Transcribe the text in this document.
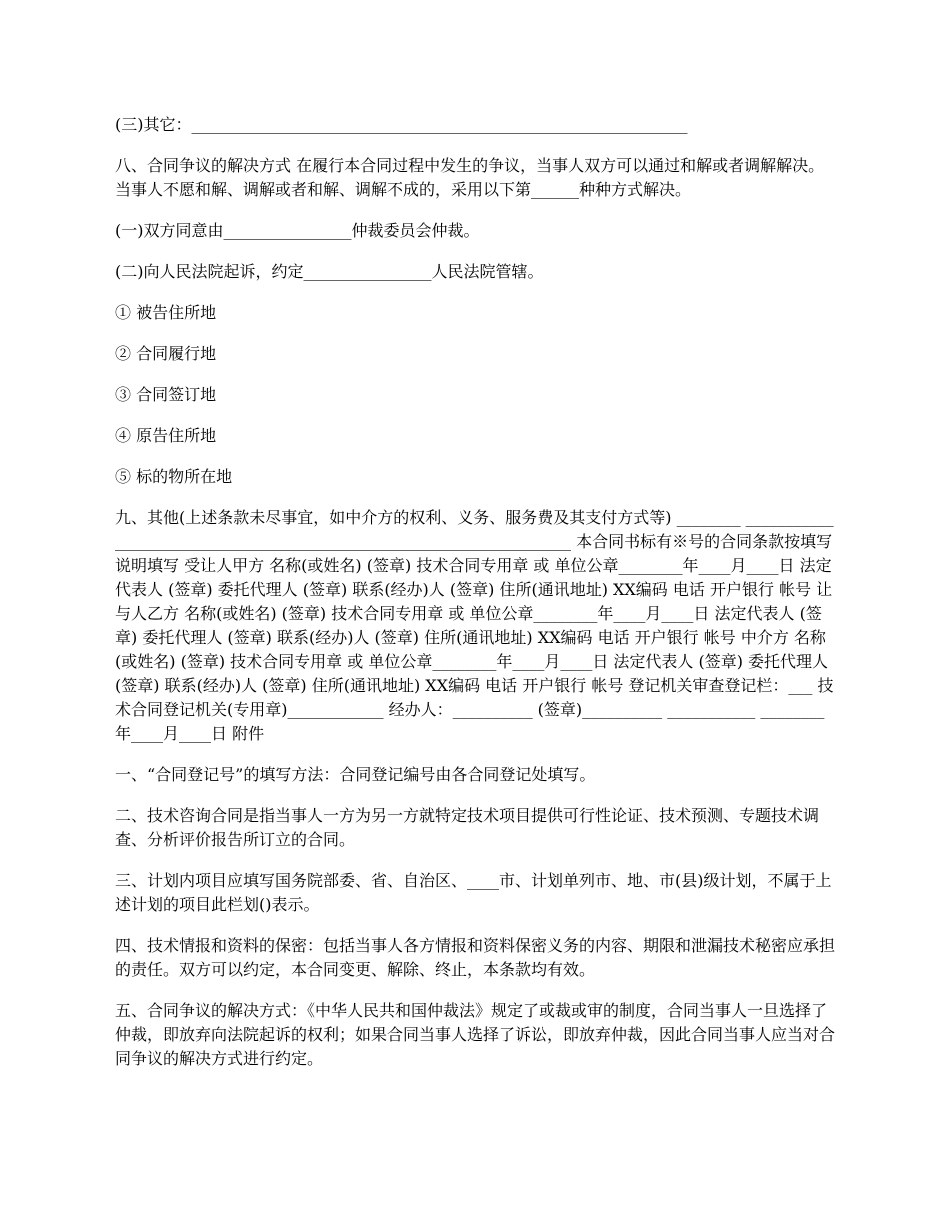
(三)其它：______________________________________________________________

八、合同争议的解决方式 在履行本合同过程中发生的争议，当事人双方可以通过和解或者调解解决。当事人不愿和解、调解或者和解、调解不成的，采用以下第______种种方式解决。

(一)双方同意由________________仲裁委员会仲裁。

(二)向人民法院起诉，约定________________人民法院管辖。

① 被告住所地

② 合同履行地

③ 合同签订地

④ 原告住所地

⑤ 标的物所在地

九、其他(上述条款未尽事宜，如中介方的权利、义务、服务费及其支付方式等) ________ ____________________________________________________________________ 本合同书标有※号的合同条款按填写说明填写 受让人甲方 名称(或姓名) (签章) 技术合同专用章 或 单位公章________年____月____日 法定代表人 (签章) 委托代理人 (签章) 联系(经办)人 (签章) 住所(通讯地址) XX编码 电话 开户银行 帐号 让与人乙方 名称(或姓名) (签章) 技术合同专用章 或 单位公章________年____月____日 法定代表人 (签章) 委托代理人 (签章) 联系(经办)人 (签章) 住所(通讯地址) XX编码 电话 开户银行 帐号 中介方 名称(或姓名) (签章) 技术合同专用章 或 单位公章________年____月____日 法定代表人 (签章) 委托代理人 (签章) 联系(经办)人 (签章) 住所(通讯地址) XX编码 电话 开户银行 帐号 登记机关审查登记栏：___ 技术合同登记机关(专用章)____________ 经办人：__________ (签章)__________ ___________ ________年____月____日 附件

一、“合同登记号”的填写方法：合同登记编号由各合同登记处填写。

二、技术咨询合同是指当事人一方为另一方就特定技术项目提供可行性论证、技术预测、专题技术调查、分析评价报告所订立的合同。

三、计划内项目应填写国务院部委、省、自治区、____市、计划单列市、地、市(县)级计划，不属于上述计划的项目此栏划()表示。

四、技术情报和资料的保密：包括当事人各方情报和资料保密义务的内容、期限和泄漏技术秘密应承担的责任。双方可以约定，本合同变更、解除、终止，本条款均有效。

五、合同争议的解决方式：《中华人民共和国仲裁法》规定了或裁或审的制度，合同当事人一旦选择了仲裁，即放弃向法院起诉的权利；如果合同当事人选择了诉讼，即放弃仲裁，因此合同当事人应当对合同争议的解决方式进行约定。
